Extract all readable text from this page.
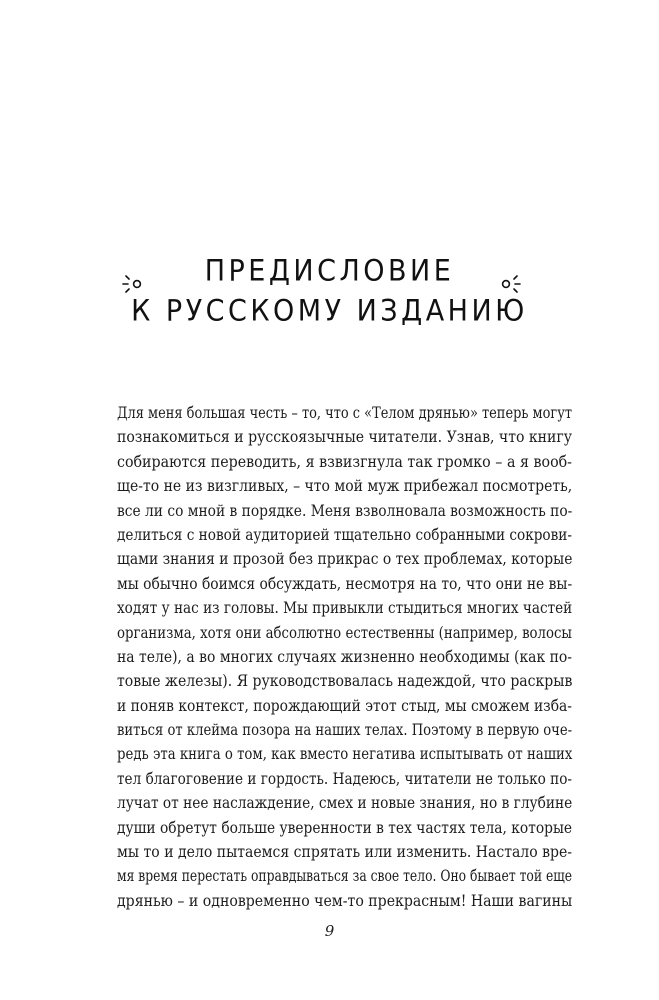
ПРЕДИСЛОВИЕ
К РУССКОМУ ИЗДАНИЮ
Для меня большая честь – то, что с «Телом дрянью» теперь могут
познакомиться и русскоязычные читатели. Узнав, что книгу
собираются переводить, я взвизгнула так громко – а я вооб-
ще-то не из визгливых, – что мой муж прибежал посмотреть,
все ли со мной в порядке. Меня взволновала возможность по-
делиться с новой аудиторией тщательно собранными сокрови-
щами знания и прозой без прикрас о тех проблемах, которые
мы обычно боимся обсуждать, несмотря на то, что они не вы-
ходят у нас из головы. Мы привыкли стыдиться многих частей
организма, хотя они абсолютно естественны (например, волосы
на теле), а во многих случаях жизненно необходимы (как по-
товые железы). Я руководствовалась надеждой, что раскрыв
и поняв контекст, порождающий этот стыд, мы сможем изба-
виться от клейма позора на наших телах. Поэтому в первую оче-
редь эта книга о том, как вместо негатива испытывать от наших
тел благоговение и гордость. Надеюсь, читатели не только по-
лучат от нее наслаждение, смех и новые знания, но в глубине
души обретут больше уверенности в тех частях тела, которые
мы то и дело пытаемся спрятать или изменить. Настало вре-
мя время перестать оправдываться за свое тело. Оно бывает той еще
дрянью – и одновременно чем-то прекрасным! Наши вагины
9
